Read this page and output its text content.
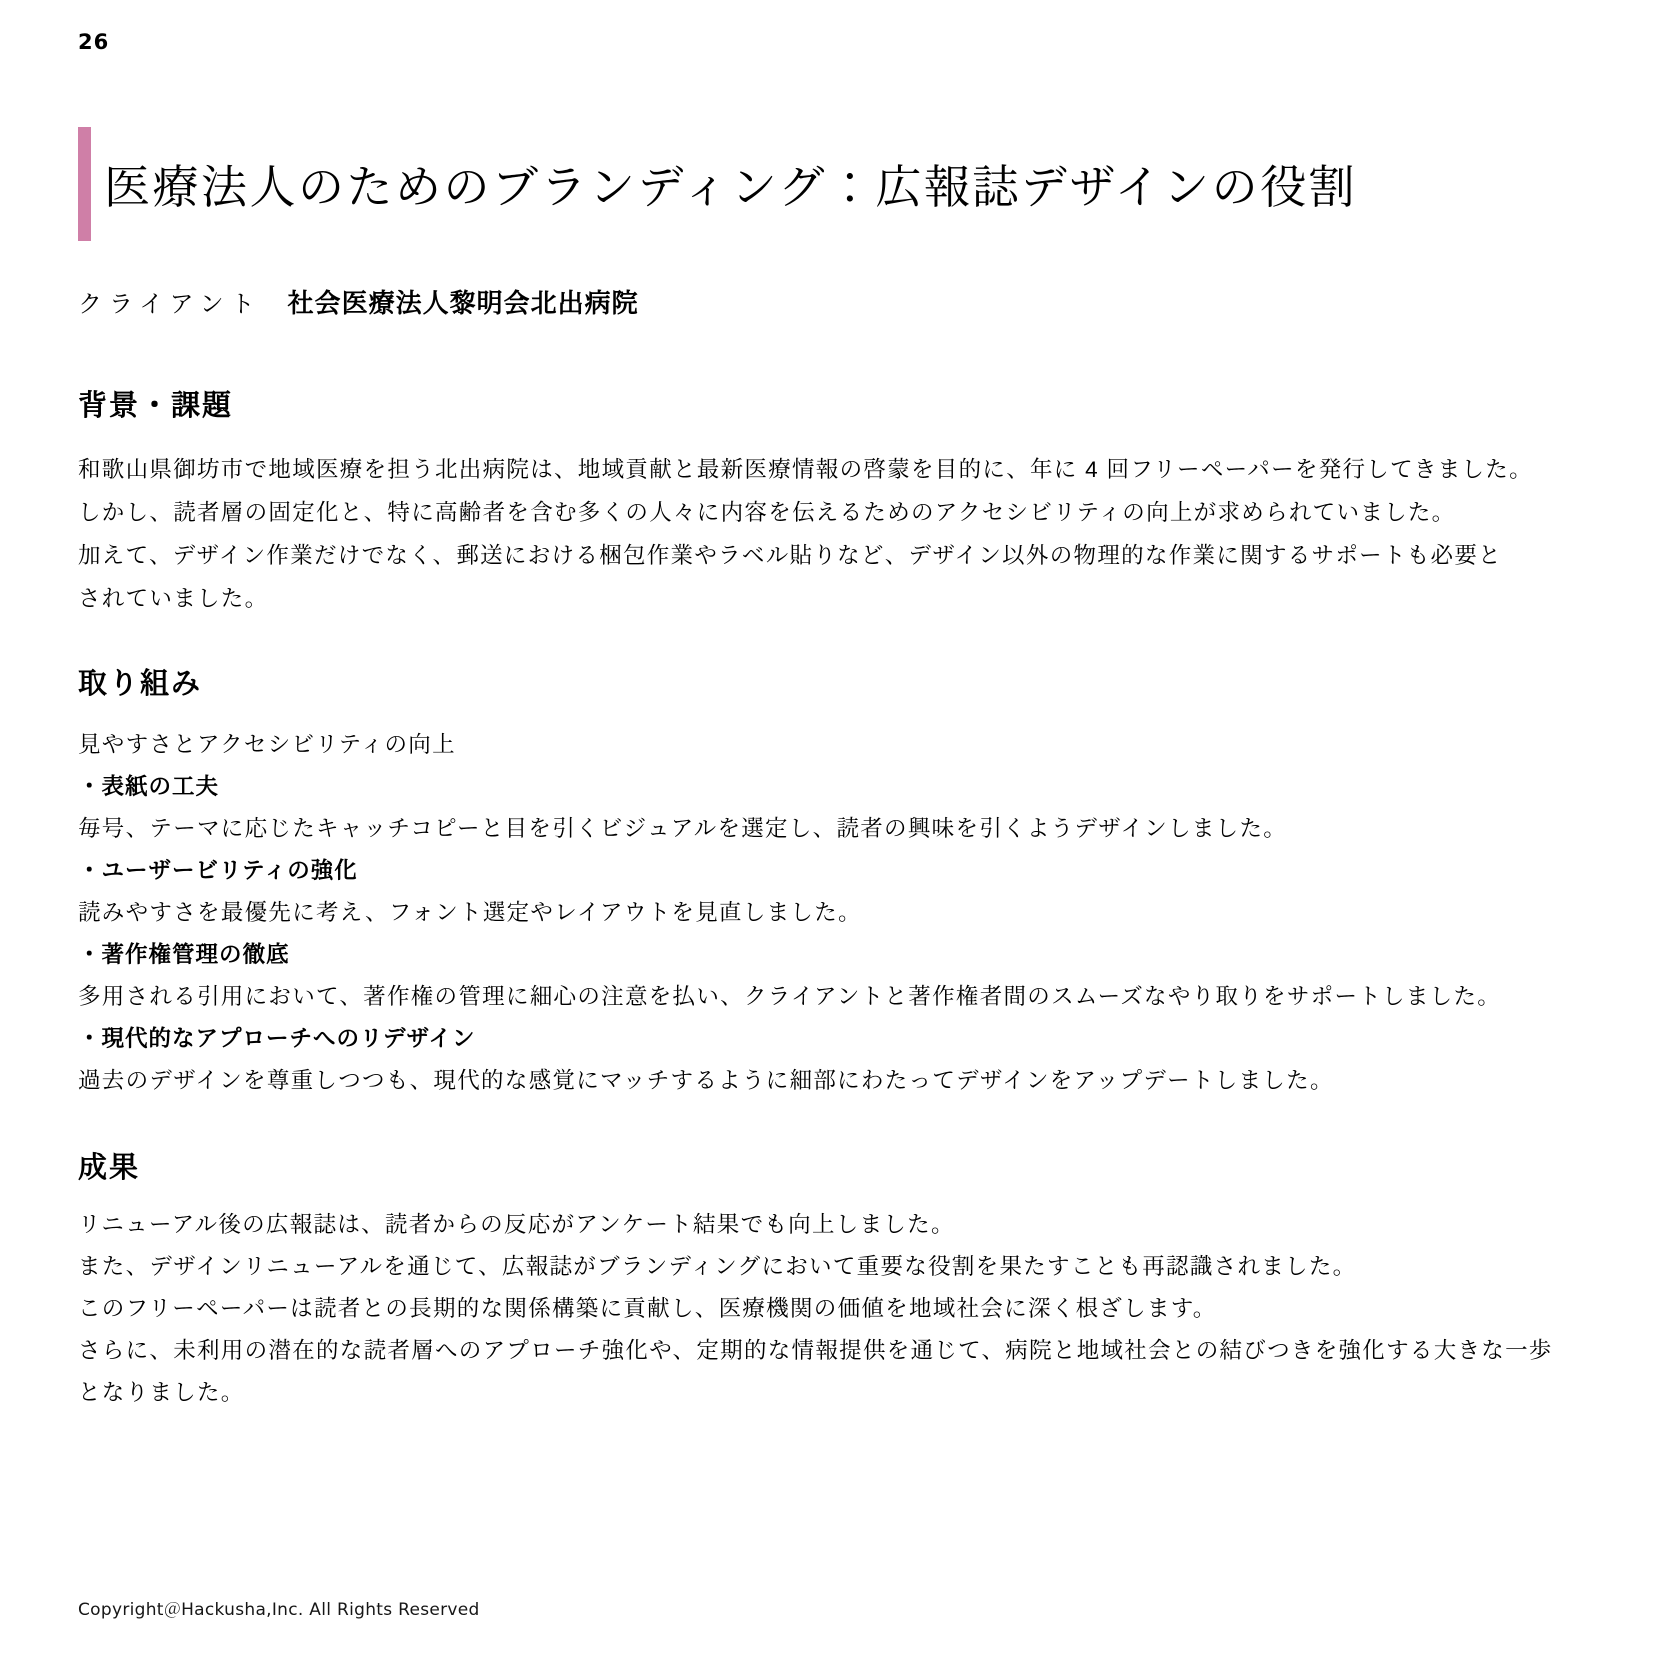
26
医療法人のためのブランディング：広報誌デザインの役割
クライアント 社会医療法人黎明会北出病院
背景・課題
和歌山県御坊市で地域医療を担う北出病院は、地域貢献と最新医療情報の啓蒙を目的に、年に 4 回フリーペーパーを発行してきました。
しかし、読者層の固定化と、特に高齢者を含む多くの人々に内容を伝えるためのアクセシビリティの向上が求められていました。
加えて、デザイン作業だけでなく、郵送における梱包作業やラベル貼りなど、デザイン以外の物理的な作業に関するサポートも必要と
されていました。
取り組み
見やすさとアクセシビリティの向上
・表紙の工夫
毎号、テーマに応じたキャッチコピーと目を引くビジュアルを選定し、読者の興味を引くようデザインしました。
・ユーザービリティの強化
読みやすさを最優先に考え、フォント選定やレイアウトを見直しました。
・著作権管理の徹底
多用される引用において、著作権の管理に細心の注意を払い、クライアントと著作権者間のスムーズなやり取りをサポートしました。
・現代的なアプローチへのリデザイン
過去のデザインを尊重しつつも、現代的な感覚にマッチするように細部にわたってデザインをアップデートしました。
成果
リニューアル後の広報誌は、読者からの反応がアンケート結果でも向上しました。
また、デザインリニューアルを通じて、広報誌がブランディングにおいて重要な役割を果たすことも再認識されました。
このフリーペーパーは読者との長期的な関係構築に貢献し、医療機関の価値を地域社会に深く根ざします。
さらに、未利用の潜在的な読者層へのアプローチ強化や、定期的な情報提供を通じて、病院と地域社会との結びつきを強化する大きな一歩
となりました。
Copyright＠Hackusha,Inc. All Rights Reserved
